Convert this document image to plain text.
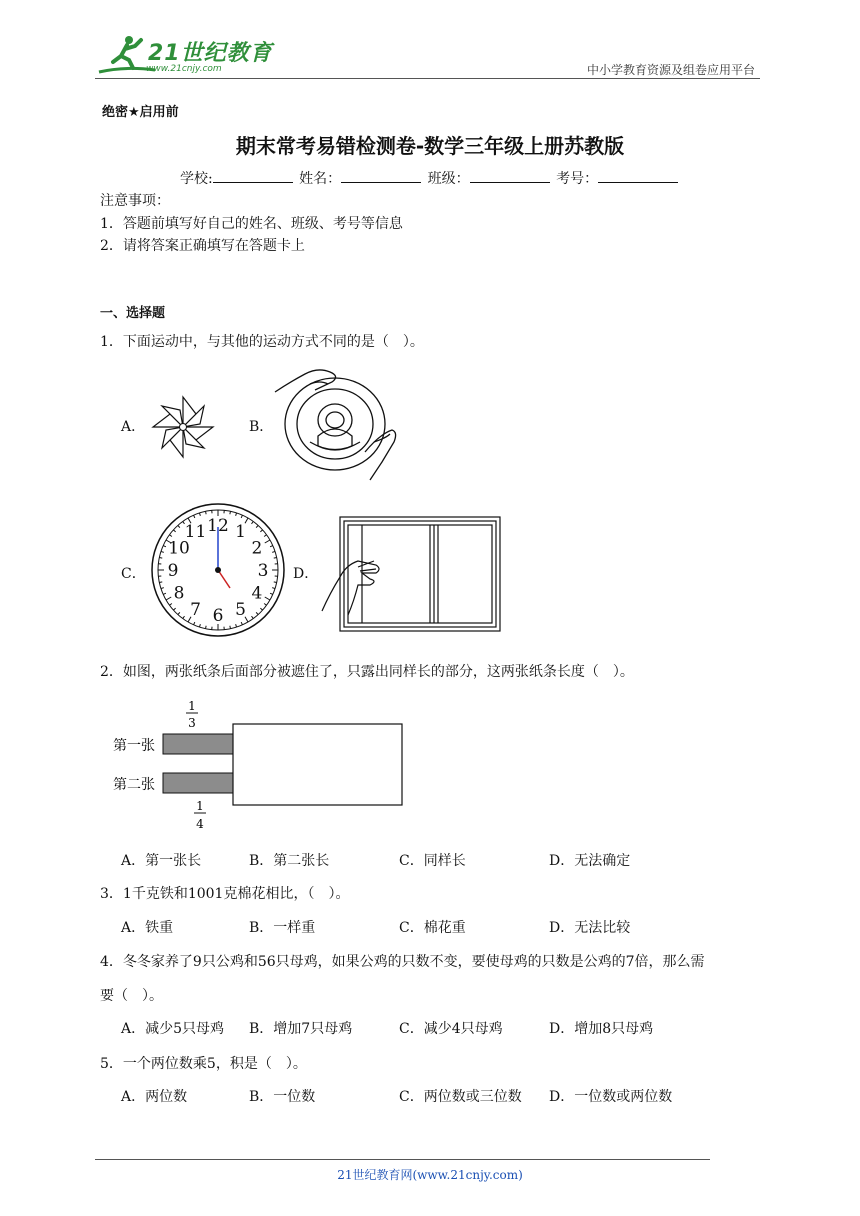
21世纪教育
www.21cnjy.com	中小学教育资源及组卷应用平台
绝密★启用前
期末常考易错检测卷-数学三年级上册苏教版
学校:	姓名：	班级：	考号：
注意事项：
1．答题前填写好自己的姓名、班级、考号等信息
2．请将答案正确填写在答题卡上
一、选择题
1．下面运动中，与其他的运动方式不同的是（　）。
A．	B．
C．	D．
12 1
2
3
4
5
6
7
8
9
10
11
2．如图，两张纸条后面部分被遮住了，只露出同样长的部分，这两张纸条长度（　）。
1
3
第一张
第二张
1
4
A．第一张长	B．第二张长	C．同样长	D．无法确定
3．1千克铁和1001克棉花相比，（　）。
A．铁重	B．一样重	C．棉花重	D．无法比较
4．冬冬家养了9只公鸡和56只母鸡，如果公鸡的只数不变，要使母鸡的只数是公鸡的7倍，那么需
要（　）。
A．减少5只母鸡 B．增加7只母鸡	C．减少4只母鸡	D．增加8只母鸡
5．一个两位数乘5，积是（　）。
A．两位数	B．一位数	C．两位数或三位数 D．一位数或两位数
21世纪教育网(www.21cnjy.com)
